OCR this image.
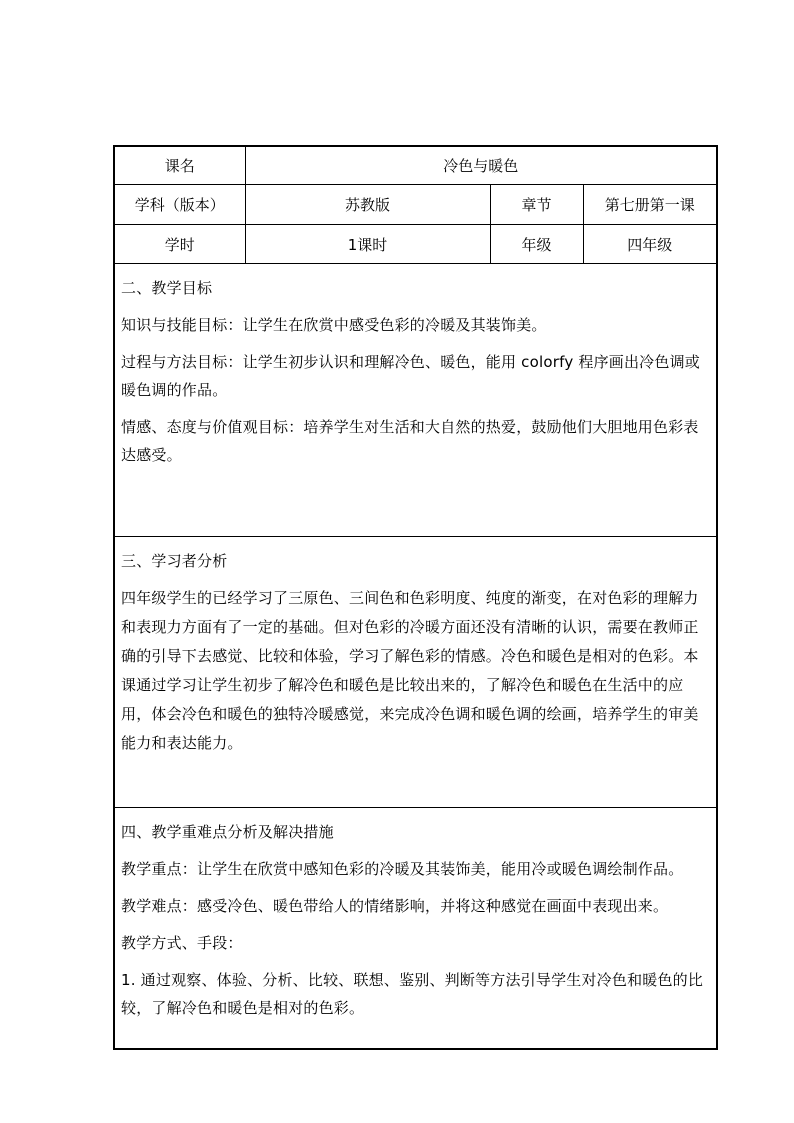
课名	冷色与暖色		
学科（版本）	苏教版	章节	第七册第一课
学时	1课时	年级	四年级

二、教学目标

知识与技能目标：让学生在欣赏中感受色彩的冷暖及其装饰美。

过程与方法目标：让学生初步认识和理解冷色、暖色，能用 colorfy 程序画出冷色调或暖色调的作品。

情感、态度与价值观目标：培养学生对生活和大自然的热爱，鼓励他们大胆地用色彩表达感受。			

三、学习者分析

四年级学生的已经学习了三原色、三间色和色彩明度、纯度的渐变，在对色彩的理解力和表现力方面有了一定的基础。但对色彩的冷暖方面还没有清晰的认识，需要在教师正确的引导下去感觉、比较和体验，学习了解色彩的情感。冷色和暖色是相对的色彩。本课通过学习让学生初步了解冷色和暖色是比较出来的，了解冷色和暖色在生活中的应用，体会冷色和暖色的独特冷暖感觉，来完成冷色调和暖色调的绘画，培养学生的审美能力和表达能力。			

四、教学重难点分析及解决措施

教学重点：让学生在欣赏中感知色彩的冷暖及其装饰美，能用冷或暖色调绘制作品。

教学难点：感受冷色、暖色带给人的情绪影响，并将这种感觉在画面中表现出来。

教学方式、手段：

1. 通过观察、体验、分析、比较、联想、鉴别、判断等方法引导学生对冷色和暖色的比较，了解冷色和暖色是相对的色彩。			
